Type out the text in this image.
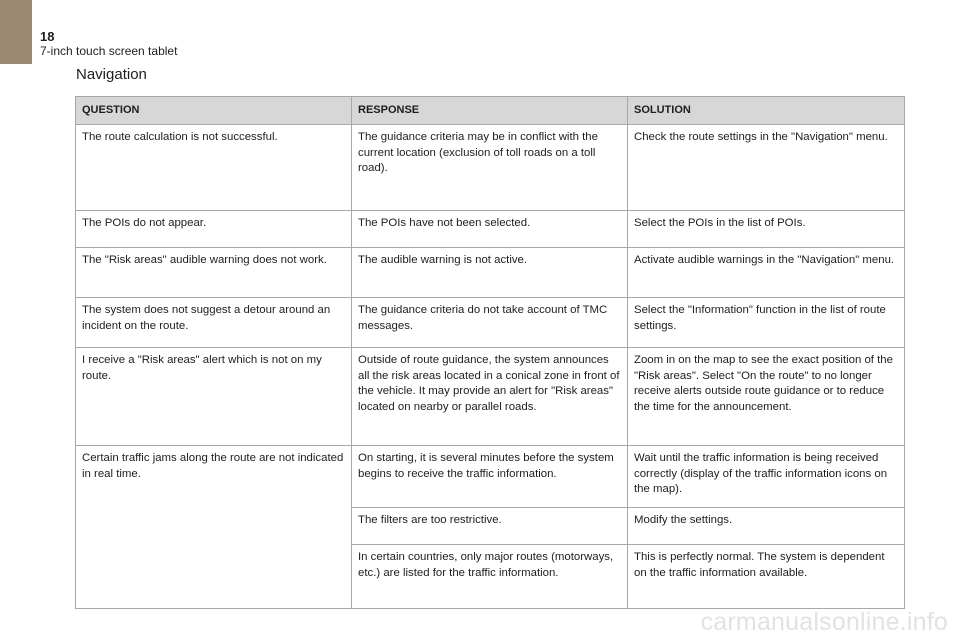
18
7-inch touch screen tablet
Navigation
QUESTION	RESPONSE	SOLUTION
The route calculation is not successful.	The guidance criteria may be in conflict with the current location (exclusion of toll roads on a toll road).	Check the route settings in the "Navigation" menu.
The POIs do not appear.	The POIs have not been selected.	Select the POIs in the list of POIs.
The "Risk areas" audible warning does not work.	The audible warning is not active.	Activate audible warnings in the "Navigation" menu.
The system does not suggest a detour around an incident on the route.	The guidance criteria do not take account of TMC messages.	Select the "Information" function in the list of route settings.
I receive a "Risk areas" alert which is not on my route.	Outside of route guidance, the system announces all the risk areas located in a conical zone in front of the vehicle. It may provide an alert for "Risk areas" located on nearby or parallel roads.	Zoom in on the map to see the exact position of the "Risk areas". Select "On the route" to no longer receive alerts outside route guidance or to reduce the time for the announcement.
Certain traffic jams along the route are not indicated in real time.	On starting, it is several minutes before the system begins to receive the traffic information.	Wait until the traffic information is being received correctly (display of the traffic information icons on the map).
	The filters are too restrictive.	Modify the settings.
	In certain countries, only major routes (motorways, etc.) are listed for the traffic information.	This is perfectly normal. The system is dependent on the traffic information available.
carmanualsonline.info
